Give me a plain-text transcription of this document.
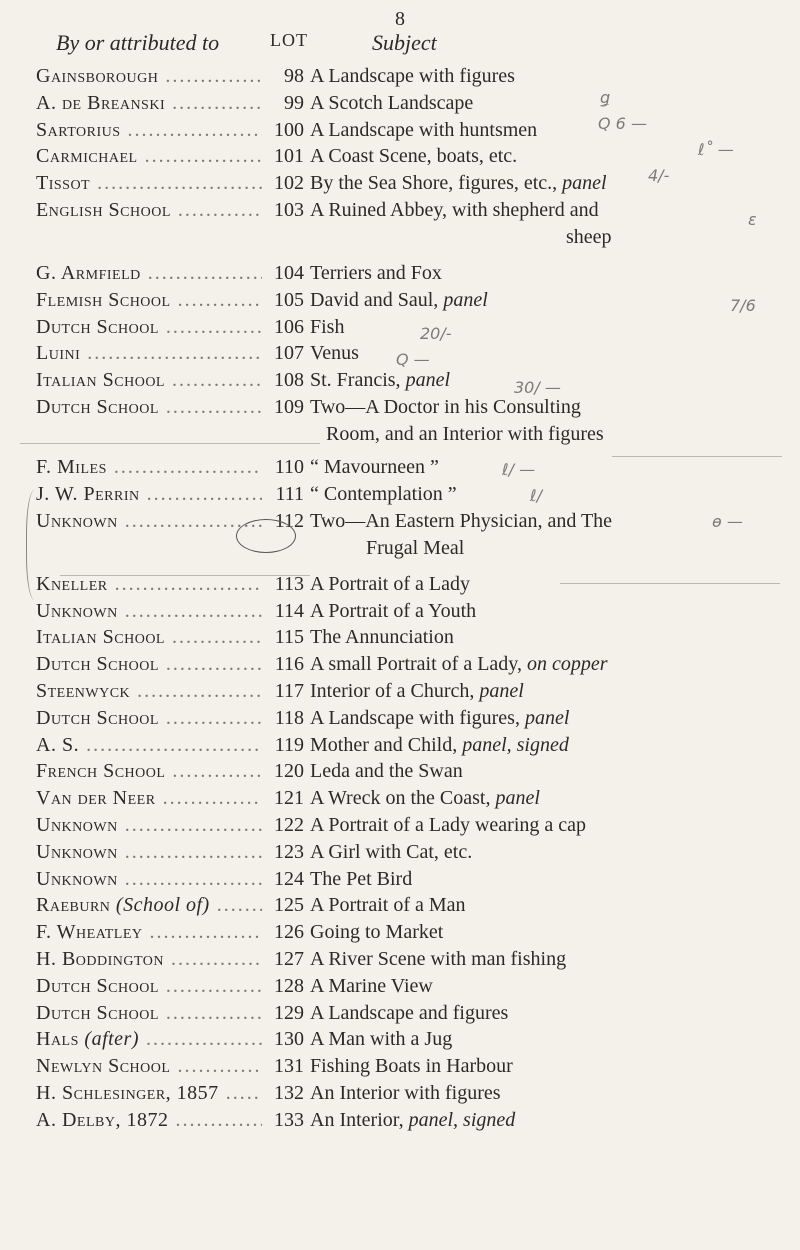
8
By or attributed to	LOT	Subject
Gainsborough .....	98 A Landscape with figures
A. de Breanski .....	99 A Scotch Landscape
Sartorius .....	100 A Landscape with huntsmen
Carmichael .....	101 A Coast Scene, boats, etc.
Tissot .....	102 By the Sea Shore, figures, etc., panel
English School .....	103 A Ruined Abbey, with shepherd and
sheep
G. Armfield .....	104 Terriers and Fox
Flemish School .....	105 David and Saul, panel
Dutch School .....	106 Fish
Luini .....	107 Venus
Italian School .....	108 St. Francis, panel
Dutch School .....	109 Two—A Doctor in his Consulting
Room, and an Interior with figures
F. Miles .....	110 “ Mavourneen ”
J. W. Perrin .....	111 “ Contemplation ”
Unknown .....	112 Two—An Eastern Physician, and The
Frugal Meal
Kneller .....	113 A Portrait of a Lady
Unknown .....	114 A Portrait of a Youth
Italian School .....	115 The Annunciation
Dutch School .....	116 A small Portrait of a Lady, on copper
Steenwyck .....	117 Interior of a Church, panel
Dutch School .....	118 A Landscape with figures, panel
A. S. .....	119 Mother and Child, panel, signed
French School .....	120 Leda and the Swan
Van der Neer .....	121 A Wreck on the Coast, panel
Unknown .....	122 A Portrait of a Lady wearing a cap
Unknown .....	123 A Girl with Cat, etc.
Unknown .....	124 The Pet Bird
Raeburn (School of) .....	125 A Portrait of a Man
F. Wheatley .....	126 Going to Market
H. Boddington .....	127 A River Scene with man fishing
Dutch School .....	128 A Marine View
Dutch School .....	129 A Landscape and figures
Hals (after) .....	130 A Man with a Jug
Newlyn School .....	131 Fishing Boats in Harbour
H. Schlesinger, 1857 .....	132 An Interior with figures
A. Delby, 1872 .....	133 An Interior, panel, signed
ǥ
Q 6 —
ℓ˚ —
4/-
ɛ
7/6
20/-
Q —
30/ —
ℓ/ —
ℓ/
ɵ —
